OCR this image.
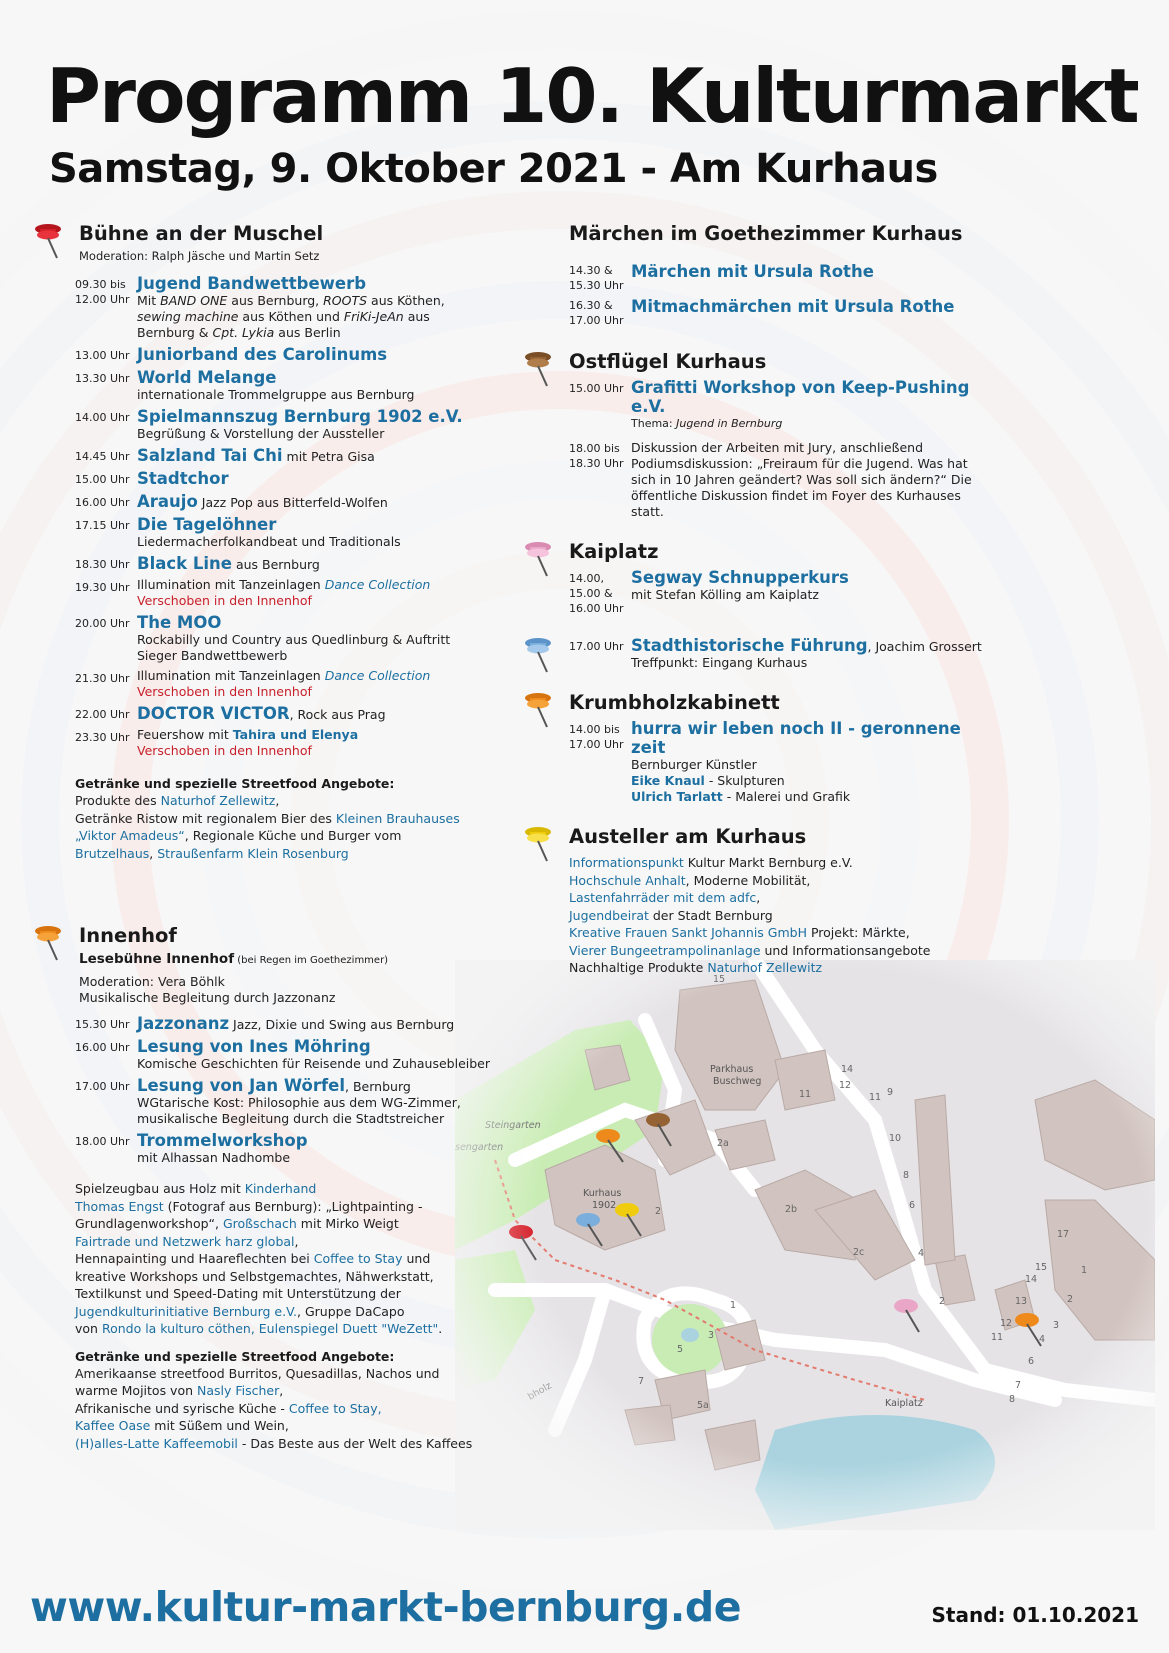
Programm 10. Kulturmarkt
Samstag, 9. Oktober 2021 - Am Kurhaus
Bühne an der Muschel
Moderation: Ralph Jäsche und Martin Setz
09.30 bis 12.00 Uhr
Jugend Bandwettbewerb
Mit BAND ONE aus Bernburg, ROOTS aus Köthen,
sewing machine aus Köthen und FriKi-JeAn aus
Bernburg & Cpt. Lykia aus Berlin
13.00 Uhr Juniorband des Carolinums
13.30 Uhr World Melange
internationale Trommelgruppe aus Bernburg
14.00 Uhr Spielmannszug Bernburg 1902 e.V.
Begrüßung & Vorstellung der Aussteller
14.45 Uhr Salzland Tai Chi mit Petra Gisa
15.00 Uhr Stadtchor
16.00 Uhr Araujo Jazz Pop aus Bitterfeld-Wolfen
17.15 Uhr Die Tagelöhner
Liedermacherfolkandbeat und Traditionals
18.30 Uhr Black Line aus Bernburg
19.30 Uhr Illumination mit Tanzeinlagen Dance Collection
Verschoben in den Innenhof
20.00 Uhr The MOO
Rockabilly und Country aus Quedlinburg & Auftritt Sieger Bandwettbewerb
21.30 Uhr Illumination mit Tanzeinlagen Dance Collection
Verschoben in den Innenhof
22.00 Uhr DOCTOR VICTOR, Rock aus Prag
23.30 Uhr Feuershow mit Tahira und Elenya
Verschoben in den Innenhof
Getränke und spezielle Streetfood Angebote:
Produkte des Naturhof Zellewitz,
Getränke Ristow mit regionalem Bier des Kleinen Brauhauses
„Viktor Amadeus“, Regionale Küche und Burger vom
Brutzelhaus, Straußenfarm Klein Rosenburg
Innenhof
Lesebühne Innenhof (bei Regen im Goethezimmer)
Moderation: Vera Böhlk
Musikalische Begleitung durch Jazzonanz
15.30 Uhr Jazzonanz Jazz, Dixie und Swing aus Bernburg
16.00 Uhr Lesung von Ines Möhring
Komische Geschichten für Reisende und Zuhausebleiber
17.00 Uhr Lesung von Jan Wörfel, Bernburg
WGtarische Kost: Philosophie aus dem WG-Zimmer, musikalische Begleitung durch die Stadtstreicher
18.00 Uhr Trommelworkshop
mit Alhassan Nadhombe
Spielzeugbau aus Holz mit Kinderhand
Thomas Engst (Fotograf aus Bernburg): „Lightpainting -
Grundlagenworkshop“, Großschach mit Mirko Weigt
Fairtrade und Netzwerk harz global,
Hennapainting und Haareflechten bei Coffee to Stay und
kreative Workshops und Selbstgemachtes, Nähwerkstatt,
Textilkunst und Speed-Dating mit Unterstützung der
Jugendkulturinitiative Bernburg e.V., Gruppe DaCapo
von Rondo la kulturo cöthen, Eulenspiegel Duett "WeZett".
Getränke und spezielle Streetfood Angebote:
Amerikaanse streetfood Burritos, Quesadillas, Nachos und
warme Mojitos von Nasly Fischer,
Afrikanische und syrische Küche - Coffee to Stay,
Kaffee Oase mit Süßem und Wein,
(H)alles-Latte Kaffeemobil - Das Beste aus der Welt des Kaffees
Märchen im Goethezimmer Kurhaus
14.30 & 15.30 Uhr
Märchen mit Ursula Rothe
16.30 & 17.00 Uhr
Mitmachmärchen mit Ursula Rothe
Ostflügel Kurhaus
15.00 Uhr Grafitti Workshop von Keep-Pushing e.V.
Thema: Jugend in Bernburg
18.00 bis 18.30 Uhr
Diskussion der Arbeiten mit Jury, anschließend Podiumsdiskussion: „Freiraum für die Jugend. Was hat sich in 10 Jahren geändert? Was soll sich ändern?“ Die öffentliche Diskussion findet im Foyer des Kurhauses statt.
Kaiplatz
14.00, 15.00 & 16.00 Uhr
Segway Schnupperkurs
mit Stefan Kölling am Kaiplatz
17.00 Uhr Stadthistorische Führung, Joachim Grossert
Treffpunkt: Eingang Kurhaus
Krumbholzkabinett
14.00 bis 17.00 Uhr
hurra wir leben noch II - geronnene zeit
Bernburger Künstler
Eike Knaul - Skulpturen
Ulrich Tarlatt - Malerei und Grafik
Austeller am Kurhaus
Informationspunkt Kultur Markt Bernburg e.V.
Hochschule Anhalt, Moderne Mobilität,
Lastenfahrräder mit dem adfc,
Jugendbeirat der Stadt Bernburg
Kreative Frauen Sankt Johannis GmbH Projekt: Märkte,
Vierer Bungeetrampolinanlage und Informationsangebote
Nachhaltige Produkte Naturhof Zellewitz
www.kultur-markt-bernburg.de	Stand: 01.10.2021
